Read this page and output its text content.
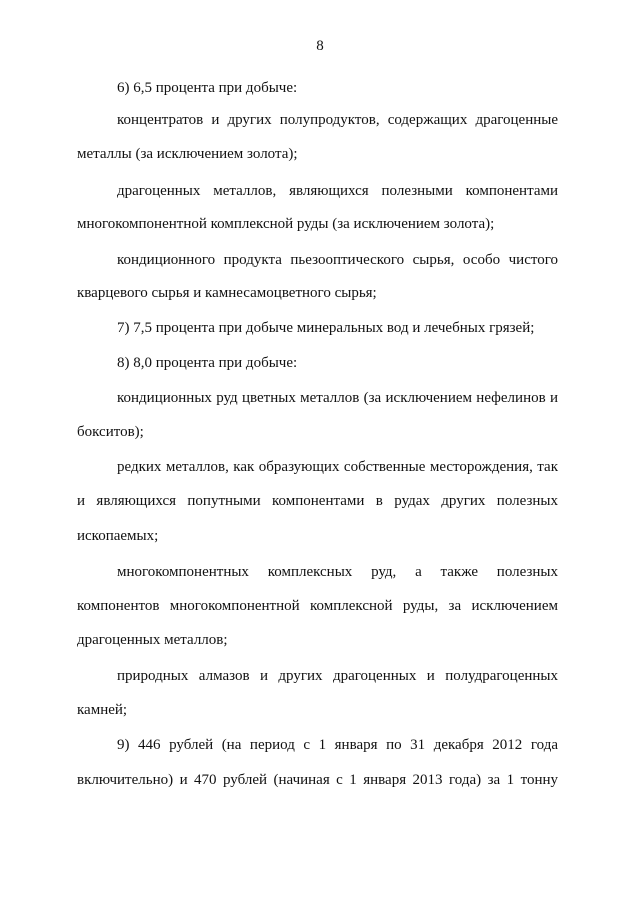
8
6) 6,5 процента при добыче:
концентратов и других полупродуктов, содержащих драгоценные
металлы (за исключением золота);
драгоценных металлов, являющихся полезными компонентами
многокомпонентной комплексной руды (за исключением золота);
кондиционного продукта пьезооптического сырья, особо чистого
кварцевого сырья и камнесамоцветного сырья;
7) 7,5 процента при добыче минеральных вод и лечебных грязей;
8) 8,0 процента при добыче:
кондиционных руд цветных металлов (за исключением нефелинов и
бокситов);
редких металлов, как образующих собственные месторождения, так
и являющихся попутными компонентами в рудах других полезных
ископаемых;
многокомпонентных комплексных руд, а также полезных
компонентов многокомпонентной комплексной руды, за исключением
драгоценных металлов;
природных алмазов и других драгоценных и полудрагоценных
камней;
9) 446 рублей (на период с 1 января по 31 декабря 2012 года
включительно) и 470 рублей (начиная с 1 января 2013 года) за 1 тонну
